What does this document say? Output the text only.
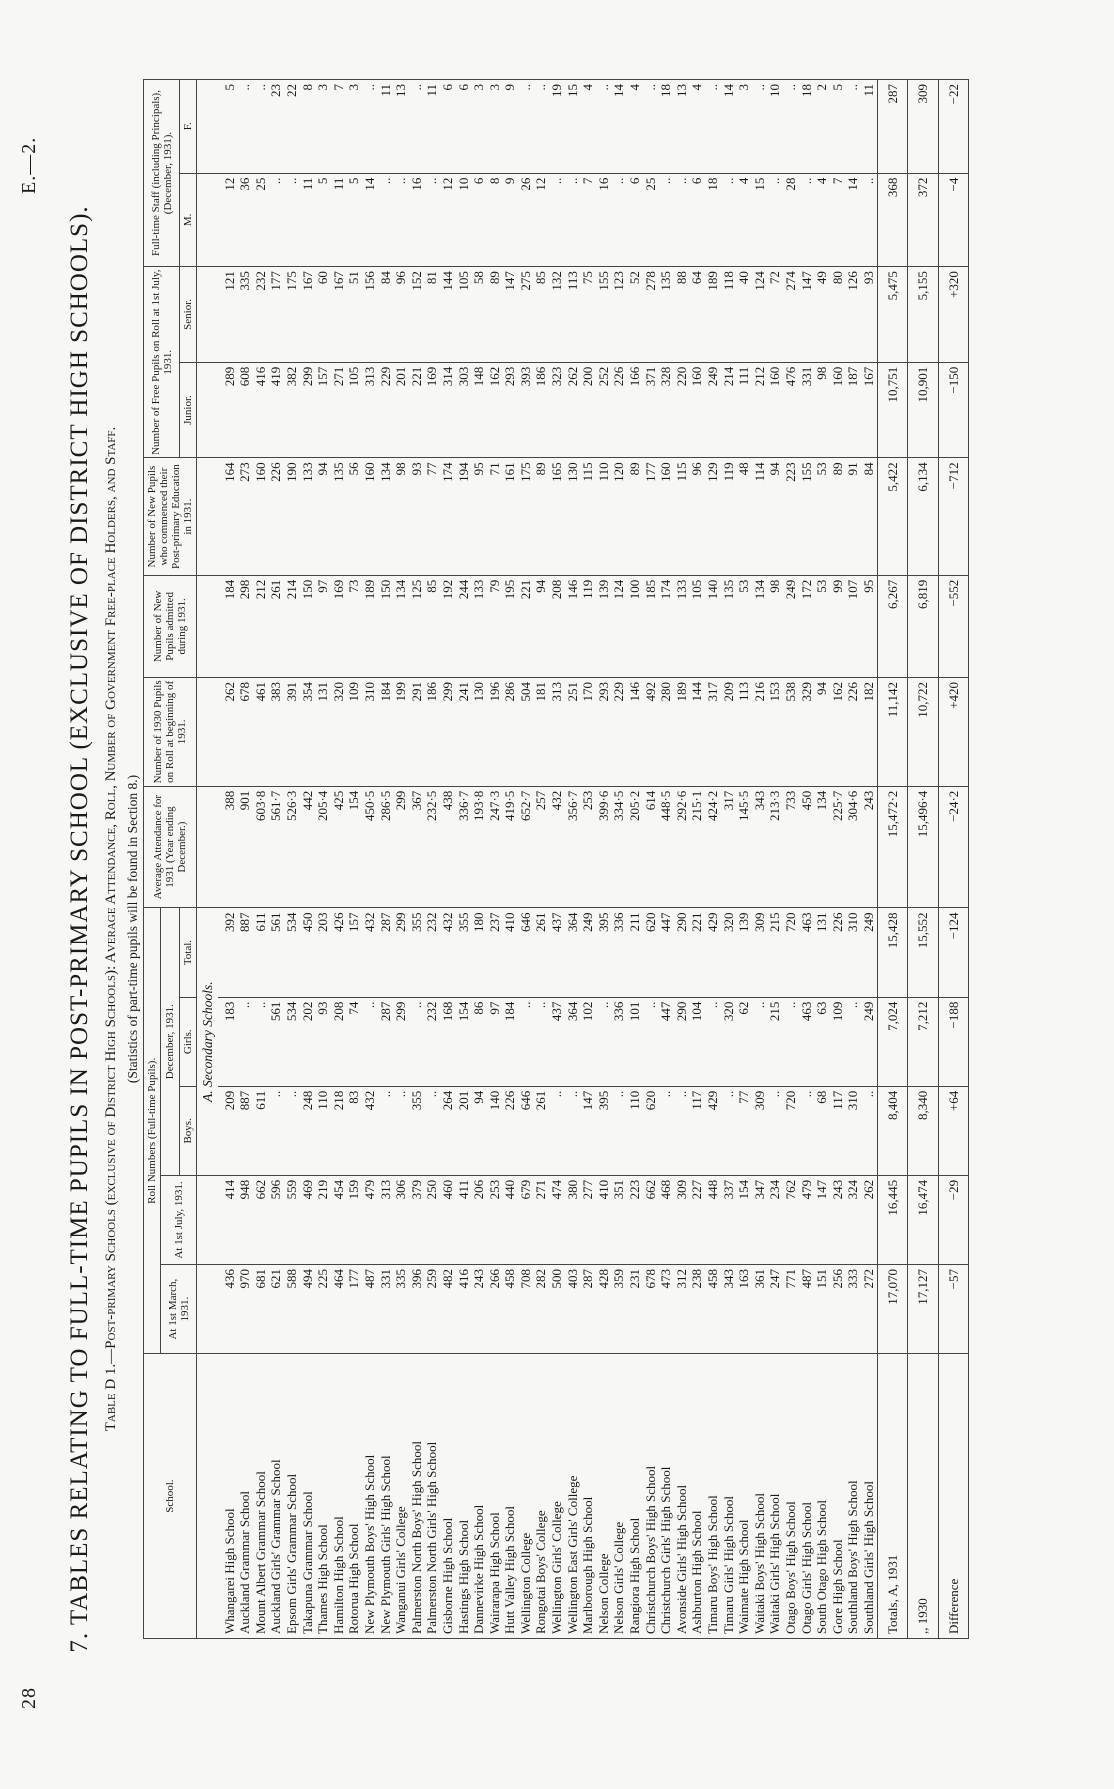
E.—2.
28
7. TABLES RELATING TO FULL-TIME PUPILS IN POST-PRIMARY SCHOOL (EXCLUSIVE OF DISTRICT HIGH SCHOOLS). Table D 1.—Post-primary Schools (exclusive of District High Schools): Average Attendance, Roll, Number of Government Free-place Holders, and Staff. (Statistics of part-time pupils will be found in Section 8.)
School.	Roll Numbers (Full-time Pupils).					Average Attendance for 1931 (Year ending December.)	Number of 1930 Pupils on Roll at beginning of 1931.	Number of New Pupils admitted during 1931.	Number of New Pupils who commenced their Post-primary Education in 1931.	Number of Free Pupils on Roll at 1st July, 1931.		Full-time Staff (including Principals), (December, 1931).	
	At 1st March, 1931.	At 1st July, 1931.	December, 1931.										
			Boys.	Girls.	Total.					Junior.	Senior.	M.	F.
			A. Secondary Schools.										
Whangarei High School	436	414	209	183	392	388	262	184	164	289	121	12	5
Auckland Grammar School	970	948	887	..	887	901	678	298	273	608	335	36	..
Mount Albert Grammar School	681	662	611	..	611	603·8	461	212	160	416	232	25	..
Auckland Girls' Grammar School	621	596	..	561	561	561·7	383	261	226	419	177	..	23
Epsom Girls' Grammar School	588	559	..	534	534	526·3	391	214	190	382	175	..	22
Takapuna Grammar School	494	469	248	202	450	442	354	150	133	299	167	11	8
Thames High School	225	219	110	93	203	205·4	131	97	94	157	60	5	3
Hamilton High School	464	454	218	208	426	425	320	169	135	271	167	11	7
Rotorua High School	177	159	83	74	157	154	109	73	56	105	51	5	3
New Plymouth Boys' High School	487	479	432	..	432	450·5	310	189	160	313	156	14	..
New Plymouth Girls' High School	331	313	..	287	287	286·5	184	150	134	229	84	..	11
Wanganui Girls' College	335	306	..	299	299	299	199	134	98	201	96	..	13
Palmerston North Boys' High School	396	379	355	..	355	367	291	125	93	221	152	16	..
Palmerston North Girls' High School	259	250	..	232	232	232·5	186	85	77	169	81	..	11
Gisborne High School	482	460	264	168	432	438	299	192	174	314	144	12	6
Hastings High School	416	411	201	154	355	336·7	241	244	194	303	105	10	6
Dannevirke High School	243	206	94	86	180	193·8	130	133	95	148	58	6	3
Wairarapa High School	266	253	140	97	237	247·3	196	79	71	162	89	8	3
Hutt Valley High School	458	440	226	184	410	419·5	286	195	161	293	147	9	9
Wellington College	708	679	646	..	646	652·7	504	221	175	393	275	26	..
Rongotai Boys' College	282	271	261	..	261	257	181	94	89	186	85	12	..
Wellington Girls' College	500	474	..	437	437	432	313	208	165	323	132	..	19
Wellington East Girls' College	403	380	..	364	364	356·7	251	146	130	262	113	..	15
Marlborough High School	287	277	147	102	249	253	170	119	115	200	75	7	4
Nelson College	428	410	395	..	395	399·6	293	139	110	252	155	16	..
Nelson Girls' College	359	351	..	336	336	334·5	229	124	120	226	123	..	14
Rangiora High School	231	223	110	101	211	205·2	146	100	89	166	52	6	4
Christchurch Boys' High School	678	662	620	..	620	614	492	185	177	371	278	25	..
Christchurch Girls' High School	473	468	..	447	447	448·5	280	174	160	328	135	..	18
Avonside Girls' High School	312	309	..	290	290	292·6	189	133	115	220	88	..	13
Ashburton High School	238	227	117	104	221	215·1	144	105	96	160	64	6	4
Timaru Boys' High School	458	448	429	..	429	424·2	317	140	129	249	189	18	..
Timaru Girls' High School	343	337	..	320	320	317	209	135	119	214	118	..	14
Waimate High School	163	154	77	62	139	145·5	113	53	48	111	40	4	3
Waitaki Boys' High School	361	347	309	..	309	343	216	134	114	212	124	15	..
Waitaki Girls' High School	247	234	..	215	215	213·3	153	98	94	160	72	..	10
Otago Boys' High School	771	762	720	..	720	733	538	249	223	476	274	28	..
Otago Girls' High School	487	479	..	463	463	450	329	172	155	331	147	..	18
South Otago High School	151	147	68	63	131	134	94	53	53	98	49	4	2
Gore High School	256	243	117	109	226	225·7	162	99	89	160	80	7	5
Southland Boys' High School	333	324	310	..	310	304·6	226	107	91	187	126	14	..
Southland Girls' High School	272	262	..	249	249	243	182	95	84	167	93	..	11
Totals, A, 1931	17,070	16,445	8,404	7,024	15,428	15,472·2	11,142	6,267	5,422	10,751	5,475	368	287
,, 1930	17,127	16,474	8,340	7,212	15,552	15,496·4	10,722	6,819	6,134	10,901	5,155	372	309
Difference	−57	−29	+64	−188	−124	−24·2	+420	−552	−712	−150	+320	−4	−22
